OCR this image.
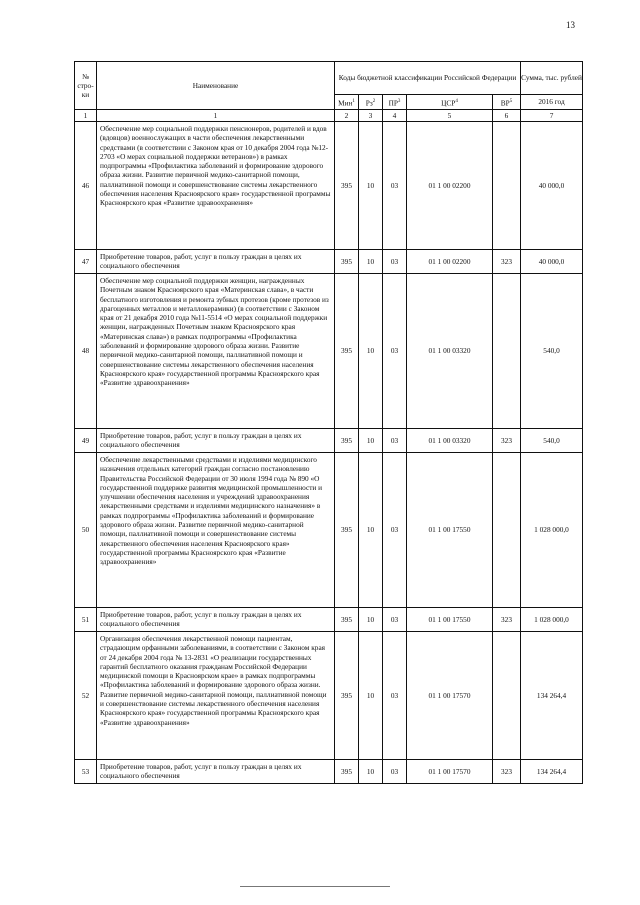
13
№ стро-ки	Наименование	Коды бюджетной классификации Российской Федерации					Сумма, тыс. рублей
		Мин$^1$	$Рз^2$	$ПР^3$	ЦСР$^4$	$ВР^5$	2016 год
1	1	2	3	4	5	6	7
46	Обеспечение мер социальной поддержки пенсионеров, родителей и вдов (вдовцов) военнослужащих в части обеспечения лекарственными средствами (в соответствии с Законом края от 10 декабря 2004 года №12-2703 «О мерах социальной поддержки ветеранов») в рамках подпрограммы «Профилактика заболеваний и формирование здорового образа жизни. Развитие первичной медико-санитарной помощи, паллиативной помощи и совершенствование системы лекарственного обеспечения населения Красноярского края» государственной программы Красноярского края «Развитие здравоохранения»	395	10	03	01 1 00 02200		40 000,0
47	Приобретение товаров, работ, услуг в пользу граждан в целях их социального обеспечения	395	10	03	01 1 00 02200	323	40 000,0
48	Обеспечение мер социальной поддержки женщин, награжденных Почетным знаком Красноярского края «Материнская слава», в части бесплатного изготовления и ремонта зубных протезов (кроме протезов из драгоценных металлов и металлокерамики) (в соответствии с Законом края от 21 декабря 2010 года №11-5514 «О мерах социальной поддержки женщин, награжденных Почетным знаком Красноярского края «Материнская слава») в рамках подпрограммы «Профилактика заболеваний и формирование здорового образа жизни. Развитие первичной медико-санитарной помощи, паллиативной помощи и совершенствование системы лекарственного обеспечения населения Красноярского края» государственной программы Красноярского края «Развитие здравоохранения»	395	10	03	01 1 00 03320		540,0
49	Приобретение товаров, работ, услуг в пользу граждан в целях их социального обеспечения	395	10	03	01 1 00 03320	323	540,0
50	Обеспечение лекарственными средствами и изделиями медицинского назначения отдельных категорий граждан согласно постановлению Правительства Российской Федерации от 30 июля 1994 года № 890 «О государственной поддержке развития медицинской промышленности и улучшении обеспечения населения и учреждений здравоохранения лекарственными средствами и изделиями медицинского назначения» в рамках подпрограммы «Профилактика заболеваний и формирование здорового образа жизни. Развитие первичной медико-санитарной помощи, паллиативной помощи и совершенствование системы лекарственного обеспечения населения Красноярского края» государственной программы Красноярского края «Развитие здравоохранения»	395	10	03	01 1 00 17550		1 028 000,0
51	Приобретение товаров, работ, услуг в пользу граждан в целях их социального обеспечения	395	10	03	01 1 00 17550	323	1 028 000,0
52	Организация обеспечения лекарственной помощи пациентам, страдающим орфанными заболеваниями, в соответствии с Законом края от 24 декабря 2004 года № 13-2831 «О реализации государственных гарантий бесплатного оказания гражданам Российской Федерации медицинской помощи в Красноярском крае» в рамках подпрограммы «Профилактика заболеваний и формирование здорового образа жизни. Развитие первичной медико-санитарной помощи, паллиативной помощи и совершенствование системы лекарственного обеспечения населения Красноярского края» государственной программы Красноярского края «Развитие здравоохранения»	395	10	03	01 1 00 17570		134 264,4
53	Приобретение товаров, работ, услуг в пользу граждан в целях их социального обеспечения	395	10	03	01 1 00 17570	323	134 264,4
